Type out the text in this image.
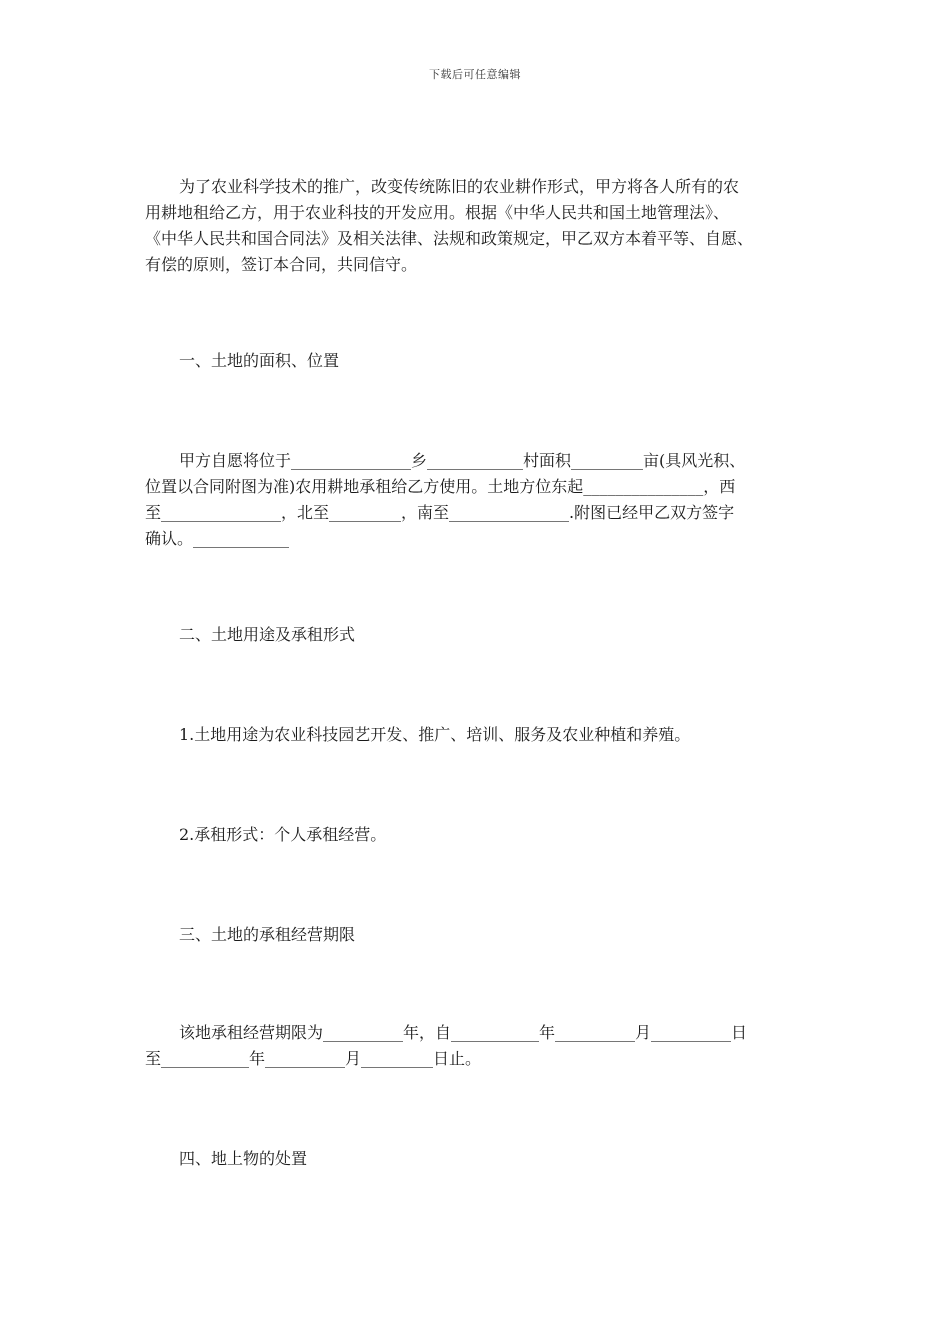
下载后可任意编辑

为了农业科学技术的推广，改变传统陈旧的农业耕作形式，甲方将各人所有的农
用耕地租给乙方，用于农业科技的开发应用。根据《中华人民共和国土地管理法》、
《中华人民共和国合同法》及相关法律、法规和政策规定，甲乙双方本着平等、自愿、
有偿的原则，签订本合同，共同信守。

一、土地的面积、位置

甲方自愿将位于_______________乡____________村面积_________亩(具风光积、
位置以合同附图为准)农用耕地承租给乙方使用。土地方位东起_______________，西
至_______________，北至_________，南至_______________.附图已经甲乙双方签字
确认。____________

二、土地用途及承租形式

1.土地用途为农业科技园艺开发、推广、培训、服务及农业种植和养殖。

2.承租形式：个人承租经营。

三、土地的承租经营期限

该地承租经营期限为__________年，自___________年__________月__________日
至___________年__________月_________日止。

四、地上物的处置
